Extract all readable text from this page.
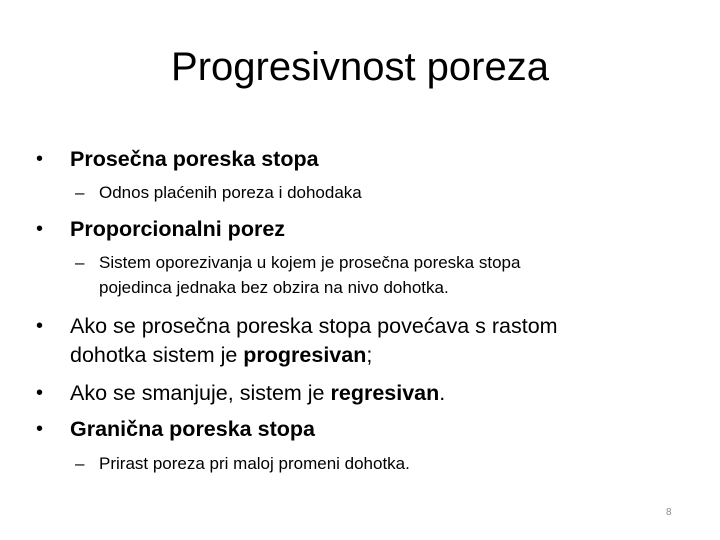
Progresivnost poreza
• Prosečna poreska stopa
– Odnos plaćenih poreza i dohodaka
• Proporcionalni porez
– Sistem oporezivanja u kojem je prosečna poreska stopa
pojedinca jednaka bez obzira na nivo dohotka.
• Ako se prosečna poreska stopa povećava s rastom
dohotka sistem je progresivan;
• Ako se smanjuje, sistem je regresivan.
• Granična poreska stopa
– Prirast poreza pri maloj promeni dohotka.
8
